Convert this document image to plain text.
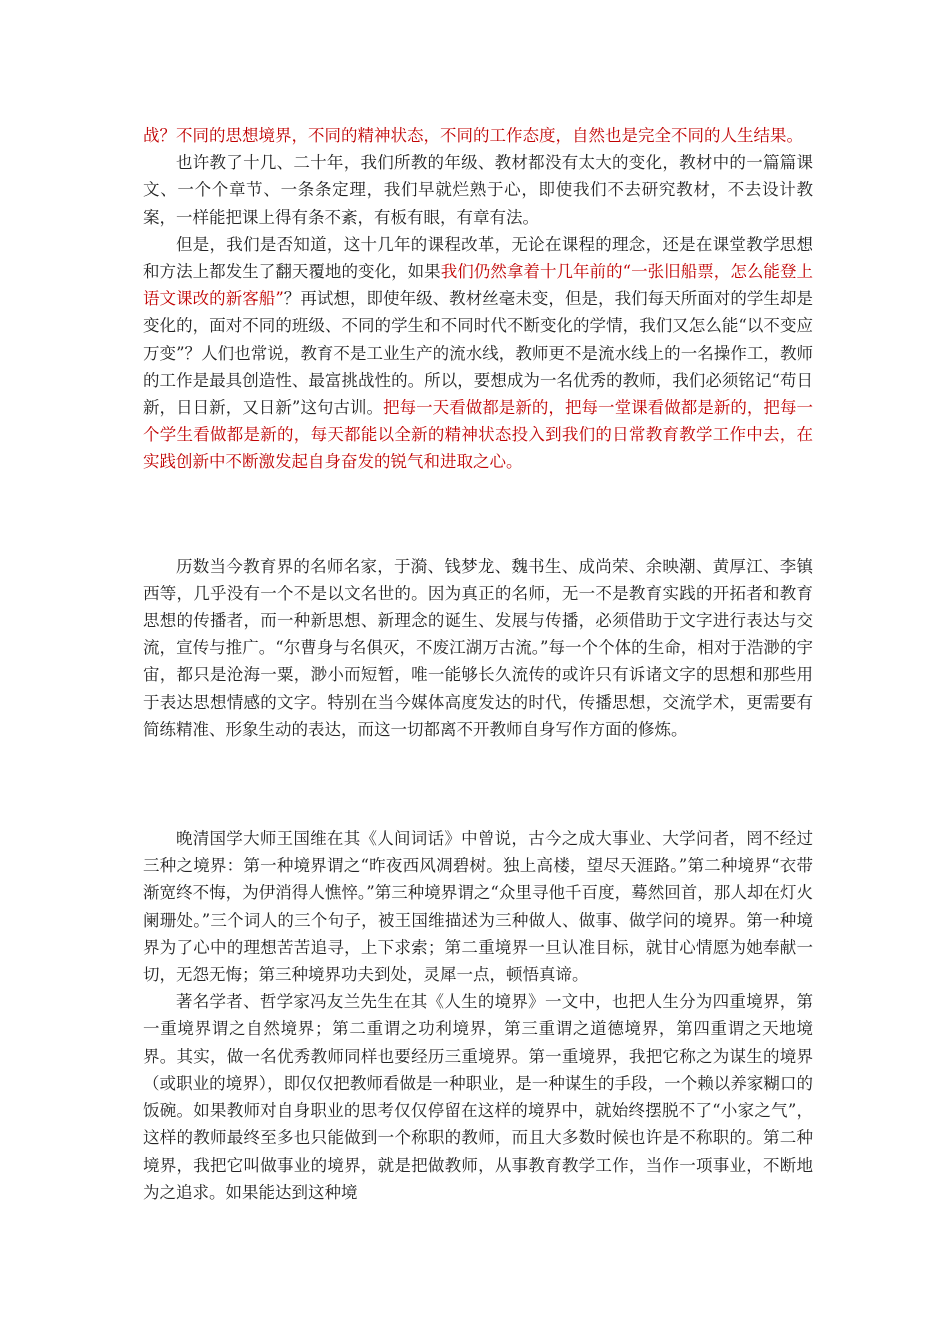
战？不同的思想境界，不同的精神状态，不同的工作态度，自然也是完全不同的人生结果。

也许教了十几、二十年，我们所教的年级、教材都没有太大的变化，教材中的一篇篇课文、一个个章节、一条条定理，我们早就烂熟于心，即使我们不去研究教材，不去设计教案，一样能把课上得有条不紊，有板有眼，有章有法。

但是，我们是否知道，这十几年的课程改革，无论在课程的理念，还是在课堂教学思想和方法上都发生了翻天覆地的变化，如果我们仍然拿着十几年前的“一张旧船票，怎么能登上语文课改的新客船”？再试想，即使年级、教材丝毫未变，但是，我们每天所面对的学生却是变化的，面对不同的班级、不同的学生和不同时代不断变化的学情，我们又怎么能“以不变应万变”？人们也常说，教育不是工业生产的流水线，教师更不是流水线上的一名操作工，教师的工作是最具创造性、最富挑战性的。所以，要想成为一名优秀的教师，我们必须铭记“苟日新，日日新，又日新”这句古训。把每一天看做都是新的，把每一堂课看做都是新的，把每一个学生看做都是新的，每天都能以全新的精神状态投入到我们的日常教育教学工作中去，在实践创新中不断激发起自身奋发的锐气和进取之心。

历数当今教育界的名师名家，于漪、钱梦龙、魏书生、成尚荣、余映潮、黄厚江、李镇西等，几乎没有一个不是以文名世的。因为真正的名师，无一不是教育实践的开拓者和教育思想的传播者，而一种新思想、新理念的诞生、发展与传播，必须借助于文字进行表达与交流，宣传与推广。“尔曹身与名俱灭，不废江湖万古流。”每一个个体的生命，相对于浩渺的宇宙，都只是沧海一粟，渺小而短暂，唯一能够长久流传的或许只有诉诸文字的思想和那些用于表达思想情感的文字。特别在当今媒体高度发达的时代，传播思想，交流学术，更需要有简练精准、形象生动的表达，而这一切都离不开教师自身写作方面的修炼。

晚清国学大师王国维在其《人间词话》中曾说，古今之成大事业、大学问者，罔不经过三种之境界：第一种境界谓之“昨夜西风凋碧树。独上高楼，望尽天涯路。”第二种境界“衣带渐宽终不悔，为伊消得人憔悴。”第三种境界谓之“众里寻他千百度，蓦然回首，那人却在灯火阑珊处。”三个词人的三个句子，被王国维描述为三种做人、做事、做学问的境界。第一种境界为了心中的理想苦苦追寻，上下求索；第二重境界一旦认准目标，就甘心情愿为她奉献一切，无怨无悔；第三种境界功夫到处，灵犀一点，顿悟真谛。

著名学者、哲学家冯友兰先生在其《人生的境界》一文中，也把人生分为四重境界，第一重境界谓之自然境界；第二重谓之功利境界，第三重谓之道德境界，第四重谓之天地境界。其实，做一名优秀教师同样也要经历三重境界。第一重境界，我把它称之为谋生的境界（或职业的境界），即仅仅把教师看做是一种职业，是一种谋生的手段，一个赖以养家糊口的饭碗。如果教师对自身职业的思考仅仅停留在这样的境界中，就始终摆脱不了“小家之气”，这样的教师最终至多也只能做到一个称职的教师，而且大多数时候也许是不称职的。第二种境界，我把它叫做事业的境界，就是把做教师，从事教育教学工作，当作一项事业，不断地为之追求。如果能达到这种境
